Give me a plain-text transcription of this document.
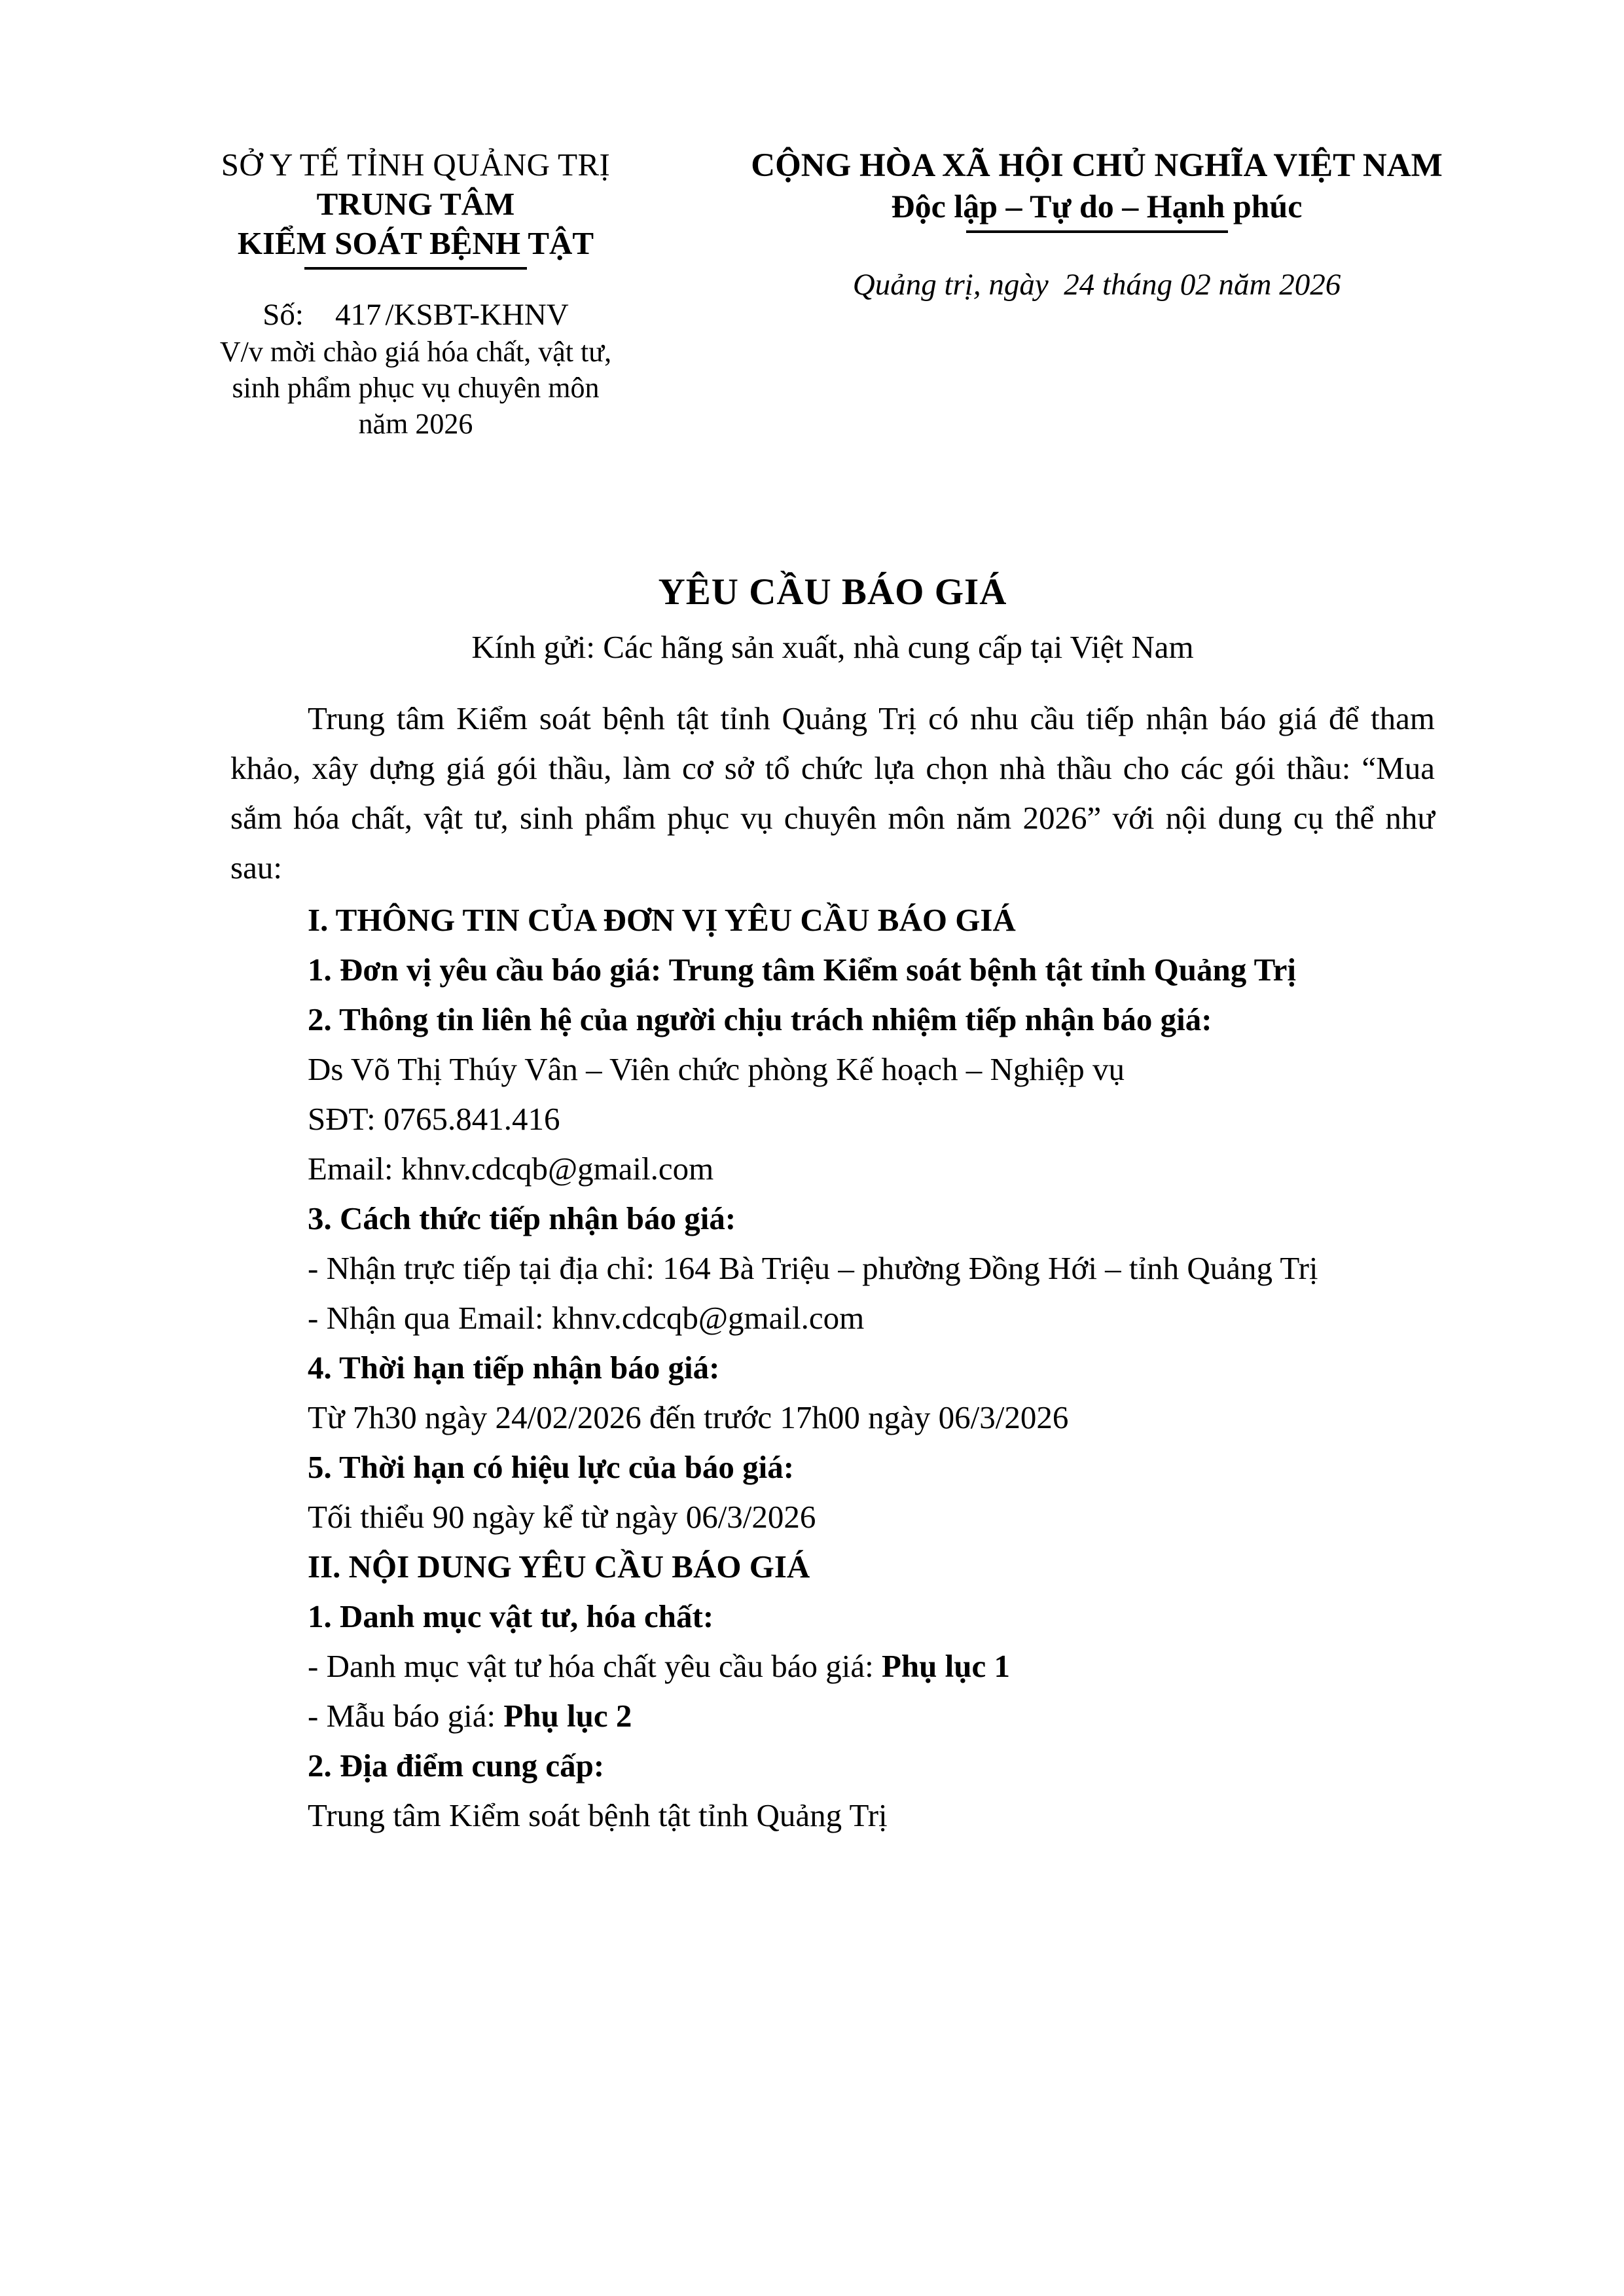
SỞ Y TẾ TỈNH QUẢNG TRỊ
TRUNG TÂM
KIỂM SOÁT BỆNH TẬT
Số: 417 /KSBT-KHNV
V/v mời chào giá hóa chất, vật tư,
sinh phẩm phục vụ chuyên môn
năm 2026
CỘNG HÒA XÃ HỘI CHỦ NGHĨA VIỆT NAM
Độc lập – Tự do – Hạnh phúc
Quảng trị, ngày  24 tháng 02 năm 2026
YÊU CẦU BÁO GIÁ
Kính gửi: Các hãng sản xuất, nhà cung cấp tại Việt Nam

Trung tâm Kiểm soát bệnh tật tỉnh Quảng Trị có nhu cầu tiếp nhận báo giá để tham khảo, xây dựng giá gói thầu, làm cơ sở tổ chức lựa chọn nhà thầu cho các gói thầu: “Mua sắm hóa chất, vật tư, sinh phẩm phục vụ chuyên môn năm 2026” với nội dung cụ thể như sau:

I. THÔNG TIN CỦA ĐƠN VỊ YÊU CẦU BÁO GIÁ

1. Đơn vị yêu cầu báo giá: Trung tâm Kiểm soát bệnh tật tỉnh Quảng Trị

2. Thông tin liên hệ của người chịu trách nhiệm tiếp nhận báo giá:

Ds Võ Thị Thúy Vân – Viên chức phòng Kế hoạch – Nghiệp vụ

SĐT: 0765.841.416

Email: khnv.cdcqb@gmail.com

3. Cách thức tiếp nhận báo giá:

- Nhận trực tiếp tại địa chỉ: 164 Bà Triệu – phường Đồng Hới – tỉnh Quảng Trị

- Nhận qua Email: khnv.cdcqb@gmail.com

4. Thời hạn tiếp nhận báo giá:

Từ 7h30 ngày 24/02/2026 đến trước 17h00 ngày 06/3/2026

5. Thời hạn có hiệu lực của báo giá:

Tối thiểu 90 ngày kể từ ngày 06/3/2026

II. NỘI DUNG YÊU CẦU BÁO GIÁ

1. Danh mục vật tư, hóa chất:

- Danh mục vật tư hóa chất yêu cầu báo giá: Phụ lục 1

- Mẫu báo giá: Phụ lục 2

2. Địa điểm cung cấp:

Trung tâm Kiểm soát bệnh tật tỉnh Quảng Trị
